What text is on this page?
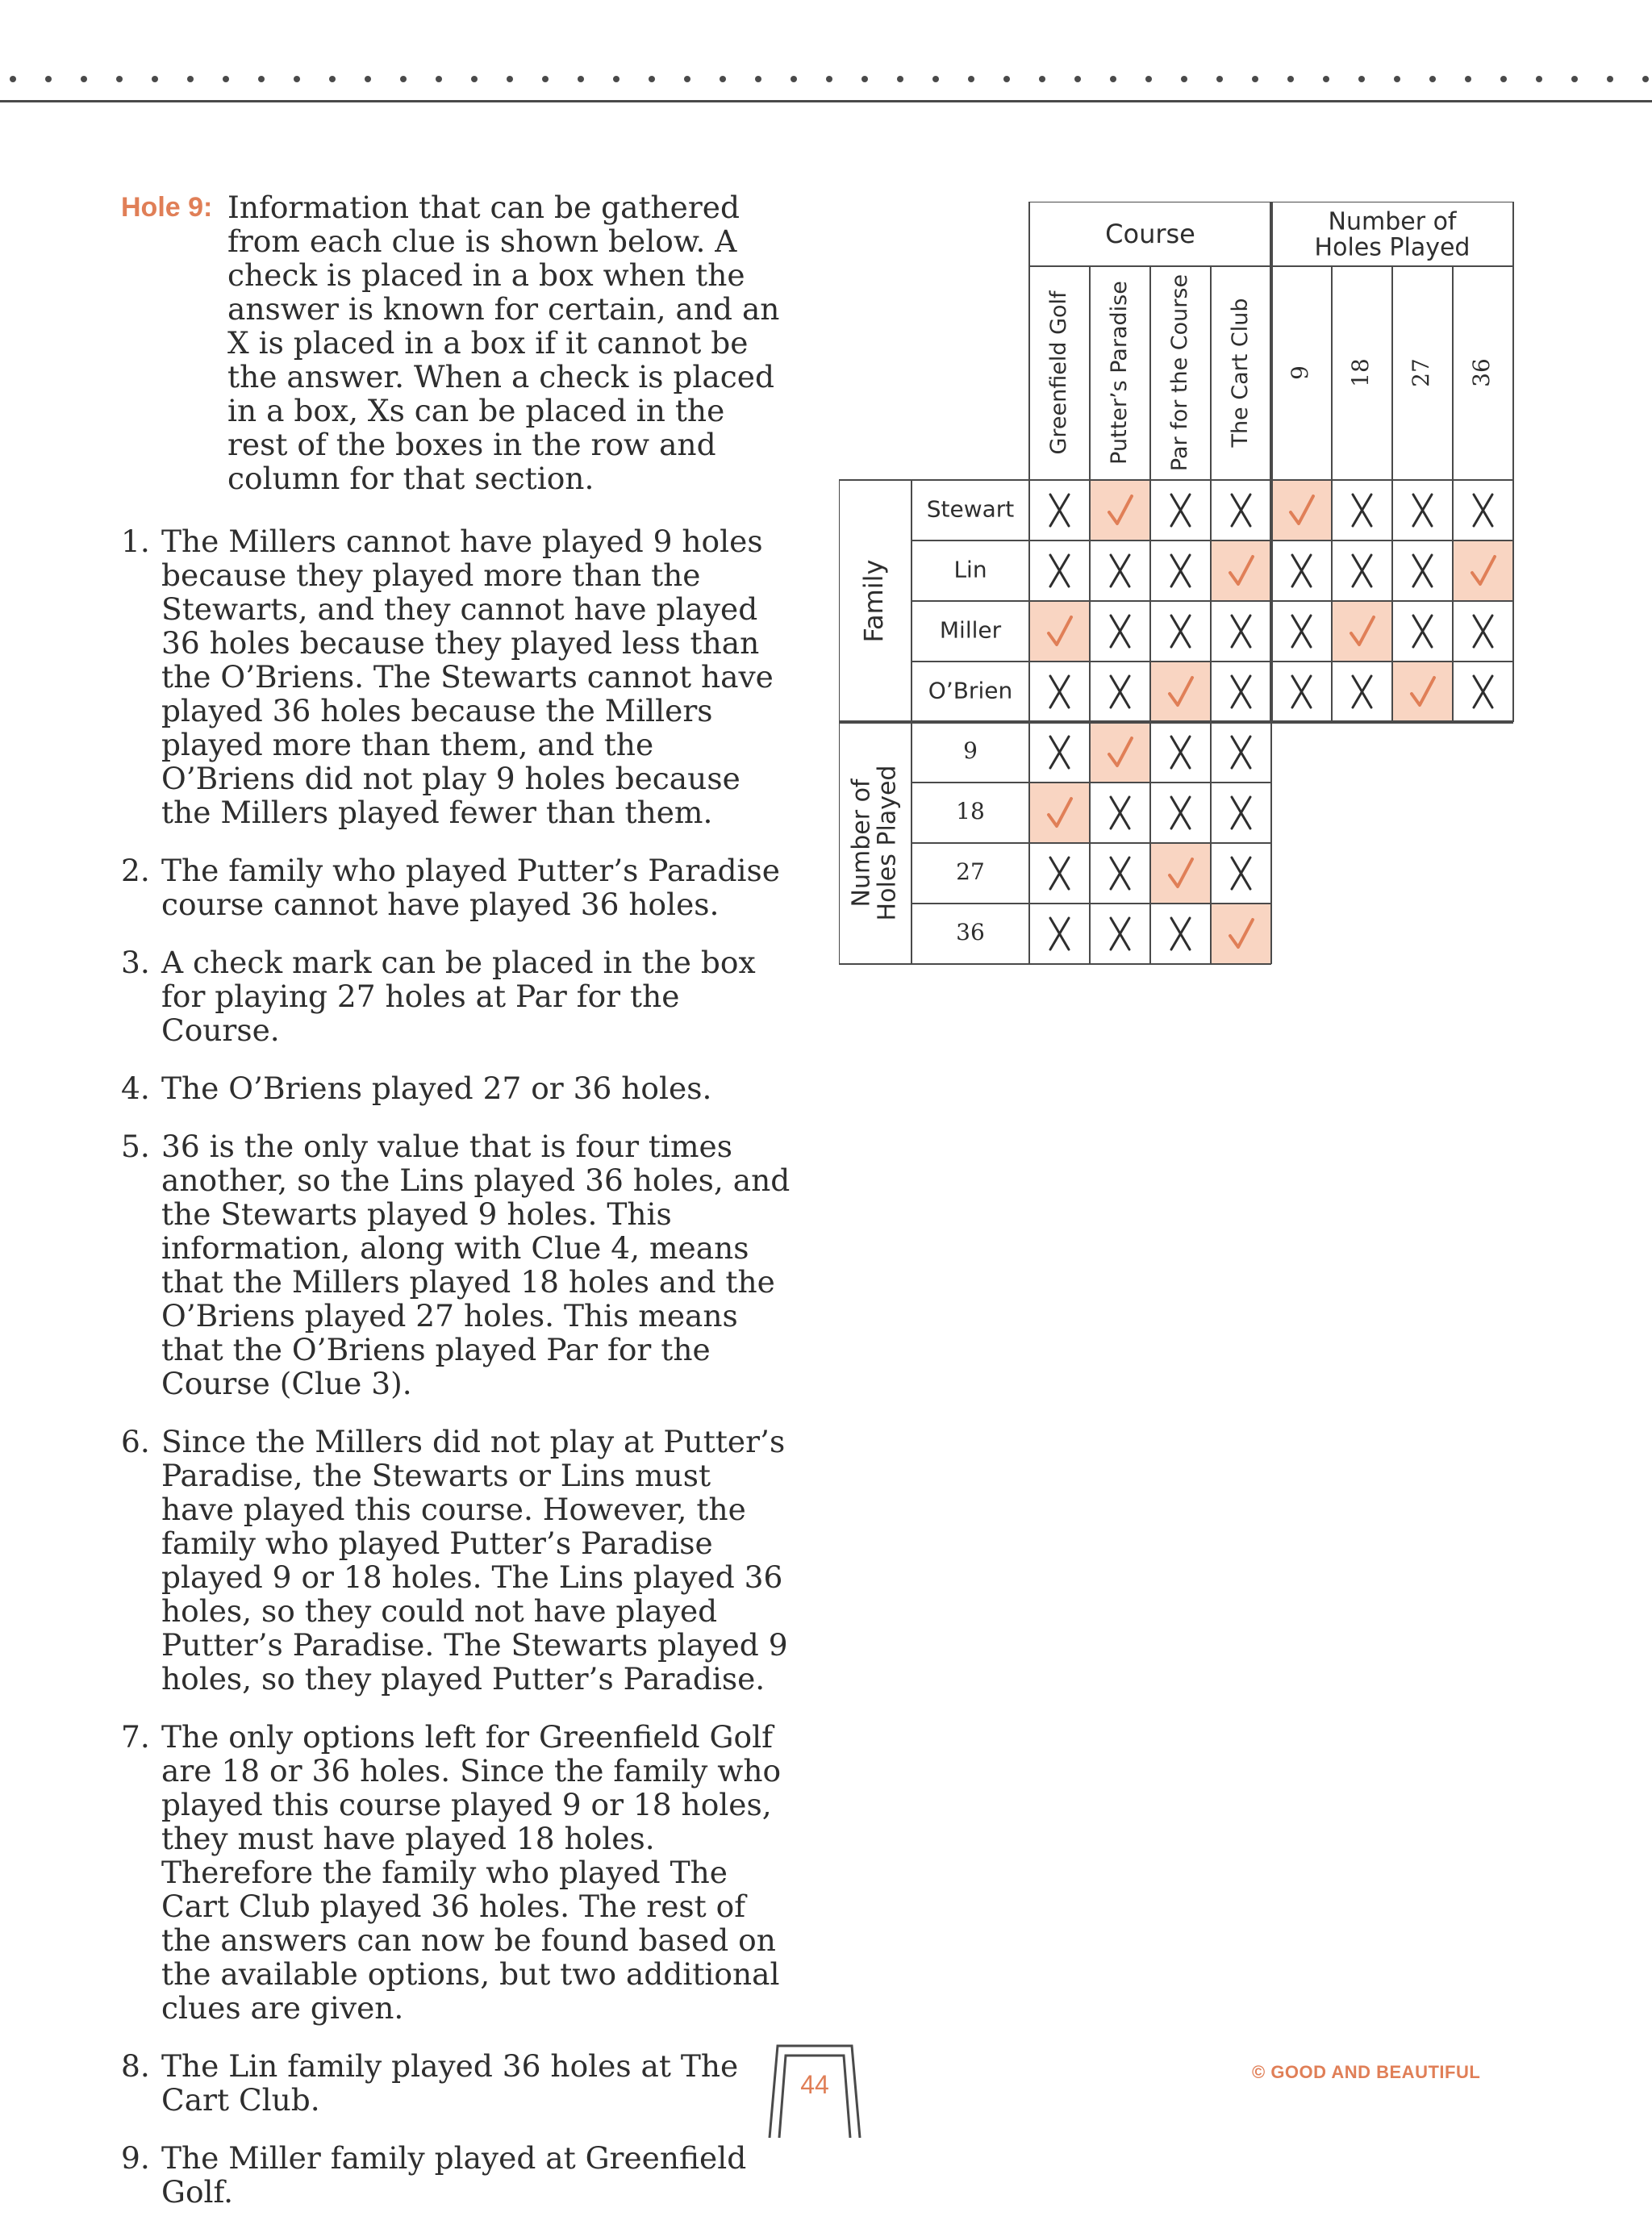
Hole 9: Information that can be gathered from each clue is shown below. A check is placed in a box when the answer is known for certain, and an X is placed in a box if it cannot be the answer. When a check is placed in a box, Xs can be placed in the rest of the boxes in the row and column for that section.
1. The Millers cannot have played 9 holes because they played more than the Stewarts, and they cannot have played 36 holes because they played less than the O’Briens. The Stewarts cannot have played 36 holes because the Millers played more than them, and the O’Briens did not play 9 holes because the Millers played fewer than them.
2. The family who played Putter’s Paradise course cannot have played 36 holes.
3. A check mark can be placed in the box for playing 27 holes at Par for the Course.
4. The O’Briens played 27 or 36 holes.
5. 36 is the only value that is four times another, so the Lins played 36 holes, and the Stewarts played 9 holes. This information, along with Clue 4, means that the Millers played 18 holes and the O’Briens played 27 holes. This means that the O’Briens played Par for the Course (Clue 3).
6. Since the Millers did not play at Putter’s Paradise, the Stewarts or Lins must have played this course. However, the family who played Putter’s Paradise played 9 or 18 holes. The Lins played 36 holes, so they could not have played Putter’s Paradise. The Stewarts played 9 holes, so they played Putter’s Paradise.
7. The only options left for Greenfield Golf are 18 or 36 holes. Since the family who played this course played 9 or 18 holes, they must have played 18 holes. Therefore the family who played The Cart Club played 36 holes. The rest of the answers can now be found based on the available options, but two additional clues are given.
8. The Lin family played 36 holes at The Cart Club.
9. The Miller family played at Greenfield Golf.
Course	Number of
Holes Played
Greenfield Golf Putter’s Paradise Par for the Course The Cart Club 9 18 27 36
Stewart
Lin
Miller
O’Brien
9
18
27
36
Family
Number of
Holes Played
44	© GOOD AND BEAUTIFUL
